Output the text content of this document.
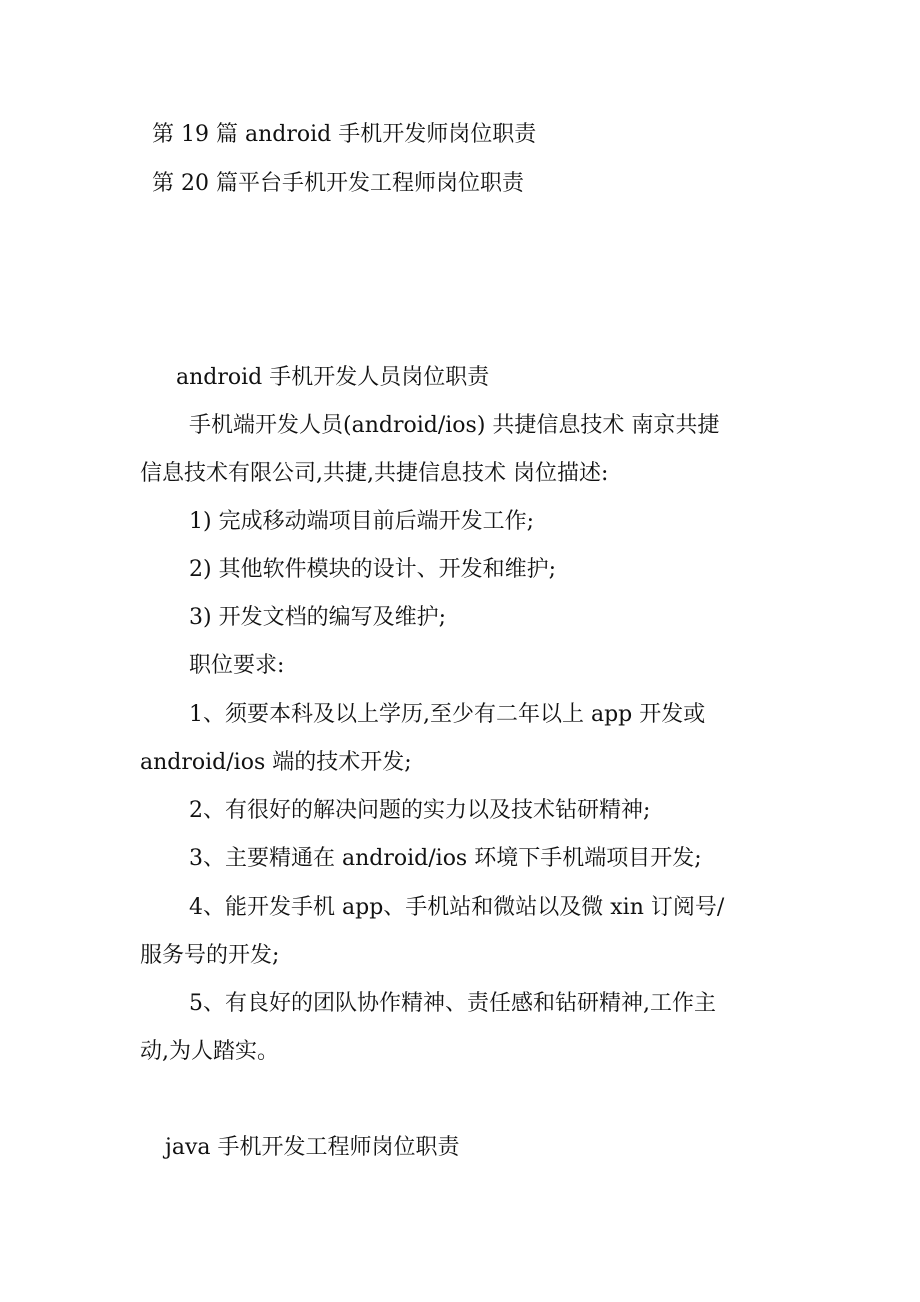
第 19 篇 android 手机开发师岗位职责
第 20 篇平台手机开发工程师岗位职责
android 手机开发人员岗位职责
手机端开发人员(android/ios) 共捷信息技术 南京共捷
信息技术有限公司,共捷,共捷信息技术 岗位描述:
1) 完成移动端项目前后端开发工作;
2) 其他软件模块的设计、开发和维护;
3) 开发文档的编写及维护;
职位要求:
1、须要本科及以上学历,至少有二年以上 app 开发或
android/ios 端的技术开发;
2、有很好的解决问题的实力以及技术钻研精神;
3、主要精通在 android/ios 环境下手机端项目开发;
4、能开发手机 app、手机站和微站以及微 xin 订阅号/
服务号的开发;
5、有良好的团队协作精神、责任感和钻研精神,工作主
动,为人踏实。
java 手机开发工程师岗位职责
